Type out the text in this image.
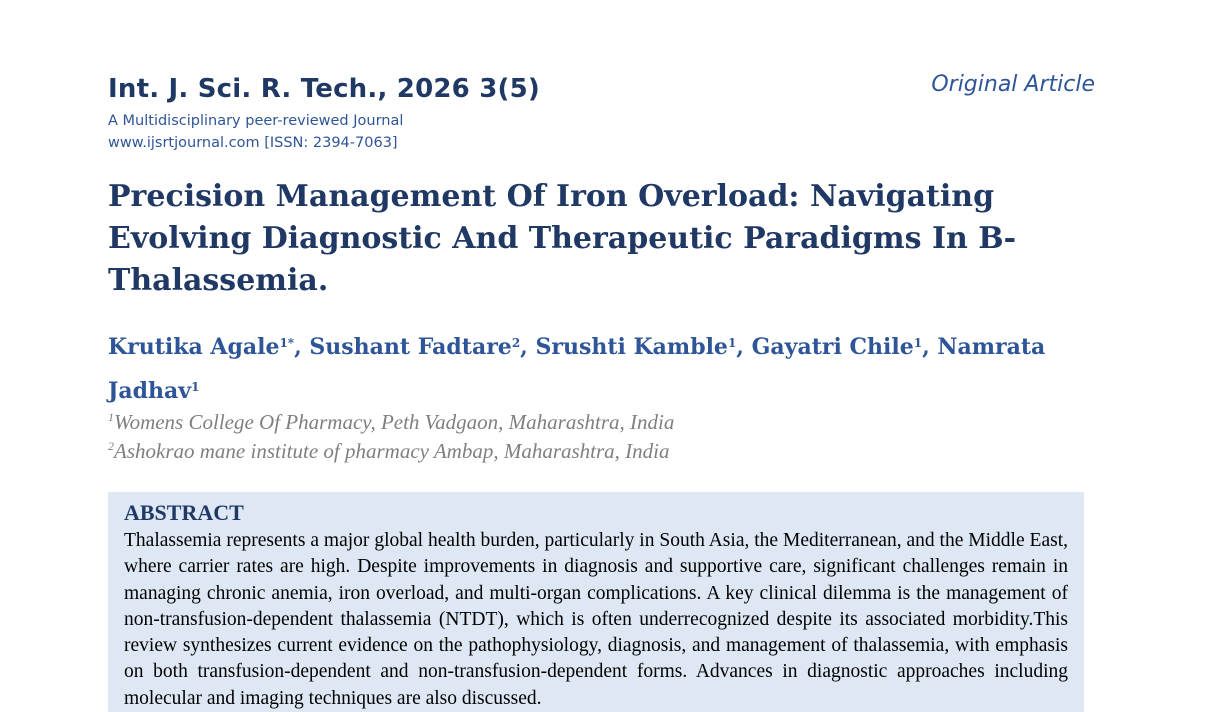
Int. J. Sci. R. Tech., 2026 3(5)
A Multidisciplinary peer-reviewed Journal
www.ijsrtjournal.com [ISSN: 2394-7063]
Original Article
Precision Management Of Iron Overload: Navigating Evolving Diagnostic And Therapeutic Paradigms In Β-Thalassemia.
Krutika Agale$^{1*}$, Sushant Fadtare$^2$, Srushti Kamble$^1$, Gayatri Chile$^1$, Namrata Jadhav$^1$
$^1$Womens College Of Pharmacy, Peth Vadgaon, Maharashtra, India
$^2$Ashokrao mane institute of pharmacy Ambap, Maharashtra, India
ABSTRACT

Thalassemia represents a major global health burden, particularly in South Asia, the Mediterranean, and the Middle East, where carrier rates are high. Despite improvements in diagnosis and supportive care, significant challenges remain in managing chronic anemia, iron overload, and multi-organ complications. A key clinical dilemma is the management of non-transfusion-dependent thalassemia (NTDT), which is often underrecognized despite its associated morbidity.This review synthesizes current evidence on the pathophysiology, diagnosis, and management of thalassemia, with emphasis on both transfusion-dependent and non-transfusion-dependent forms. Advances in diagnostic approaches including molecular and imaging techniques are also discussed.
